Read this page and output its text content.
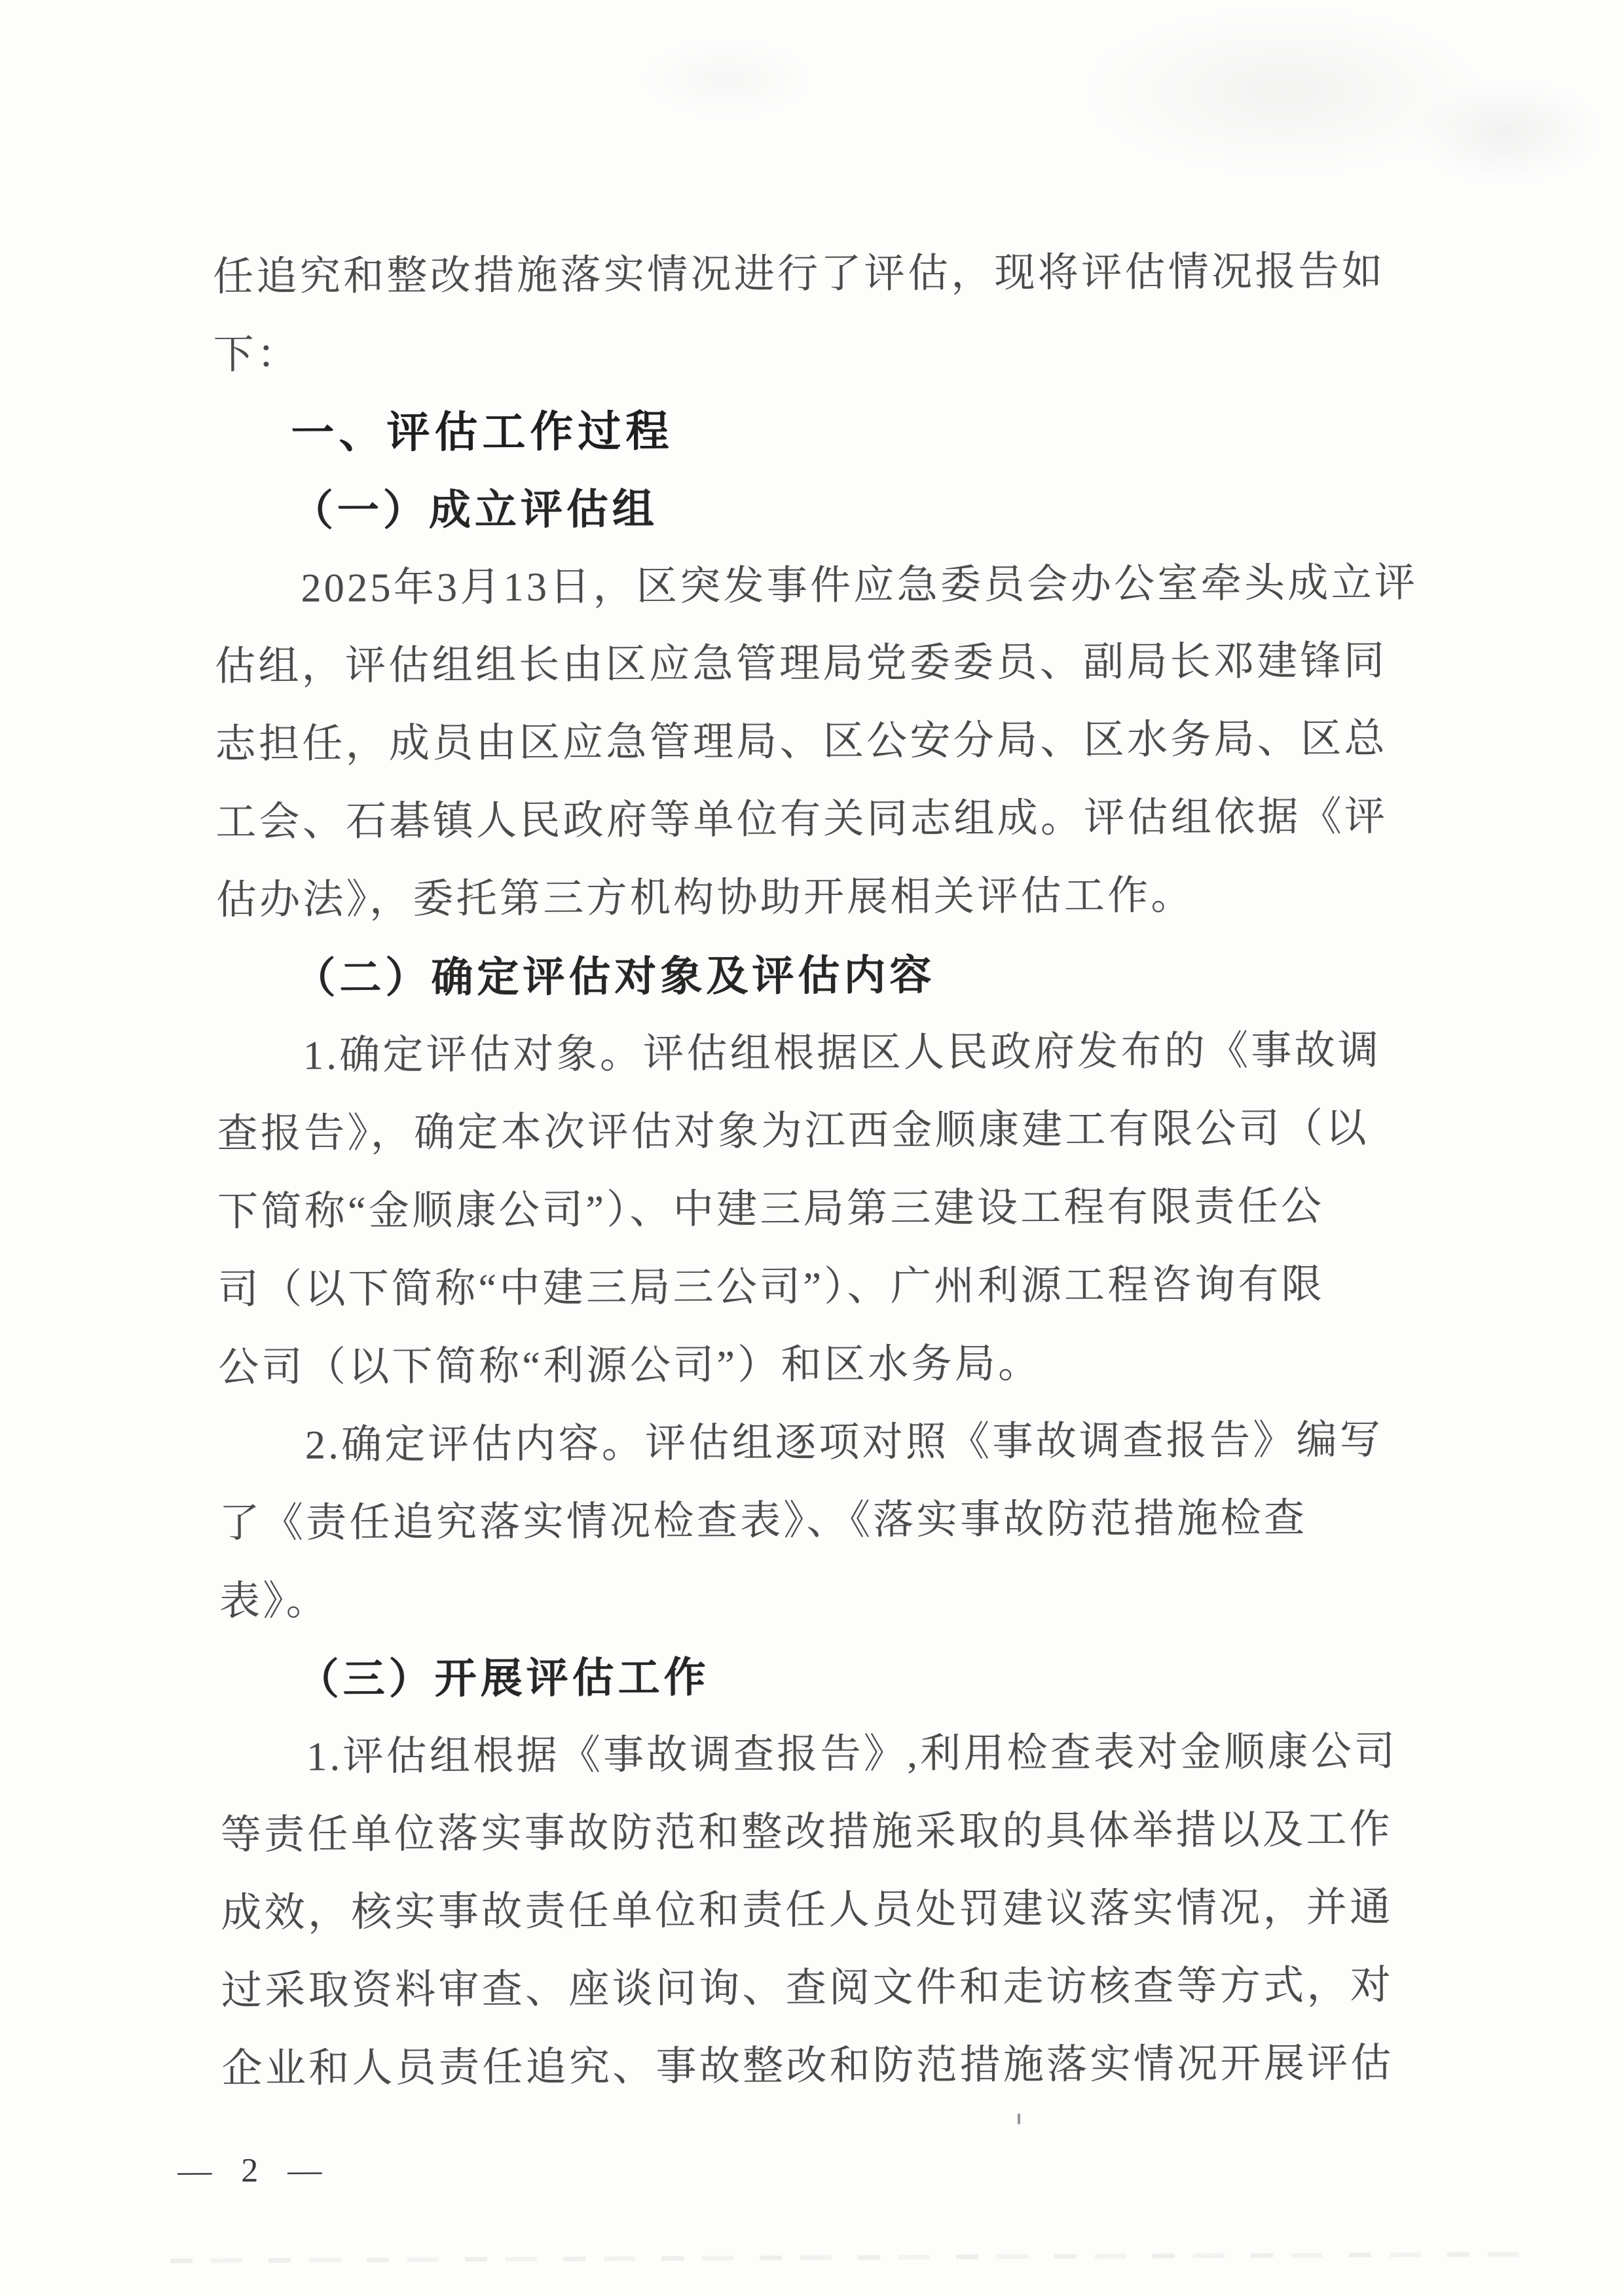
任追究和整改措施落实情况进行了评估，现将评估情况报告如
下：
一、评估工作过程
（一）成立评估组
2025年3月13日，区突发事件应急委员会办公室牵头成立评
估组，评估组组长由区应急管理局党委委员、副局长邓建锋同
志担任，成员由区应急管理局、区公安分局、区水务局、区总
工会、石碁镇人民政府等单位有关同志组成。评估组依据《评
估办法》，委托第三方机构协助开展相关评估工作。
（二）确定评估对象及评估内容
1.确定评估对象。评估组根据区人民政府发布的《事故调
查报告》，确定本次评估对象为江西金顺康建工有限公司（以
下简称“金顺康公司”）、中建三局第三建设工程有限责任公
司（以下简称“中建三局三公司”）、广州利源工程咨询有限
公司（以下简称“利源公司”）和区水务局。
2.确定评估内容。评估组逐项对照《事故调查报告》编写
了《责任追究落实情况检查表》、《落实事故防范措施检查
表》。
（三）开展评估工作
1.评估组根据《事故调查报告》,利用检查表对金顺康公司
等责任单位落实事故防范和整改措施采取的具体举措以及工作
成效，核实事故责任单位和责任人员处罚建议落实情况，并通
过采取资料审查、座谈问询、查阅文件和走访核查等方式，对
企业和人员责任追究、事故整改和防范措施落实情况开展评估
— 2 —
